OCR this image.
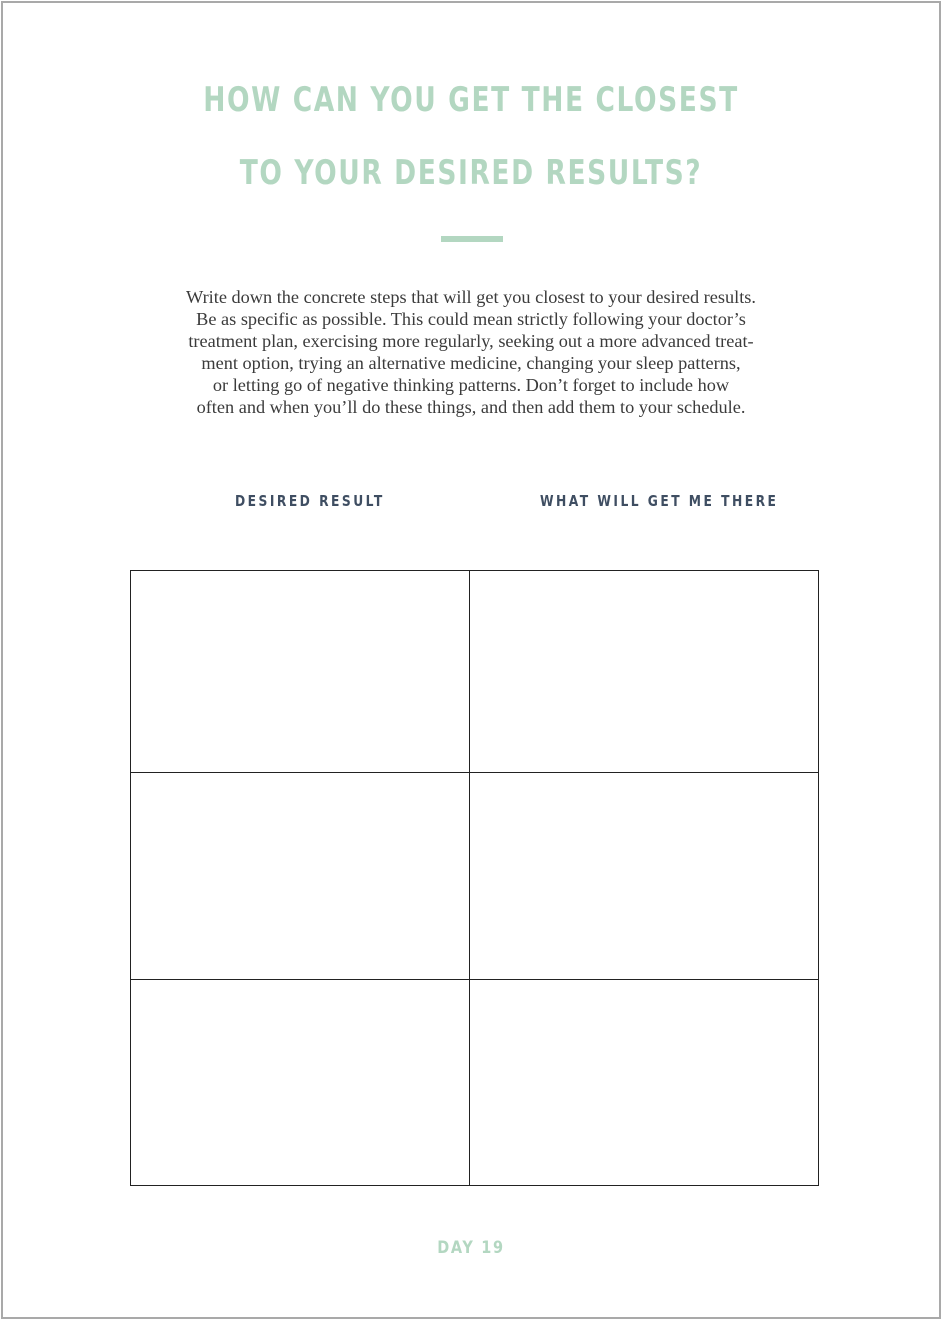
HOW CAN YOU GET THE CLOSEST
TO YOUR DESIRED RESULTS?
Write down the concrete steps that will get you closest to your desired results.
Be as specific as possible. This could mean strictly following your doctor’s
treatment plan, exercising more regularly, seeking out a more advanced treat-
ment option, trying an alternative medicine, changing your sleep patterns,
or letting go of negative thinking patterns. Don’t forget to include how
often and when you’ll do these things, and then add them to your schedule.
DESIRED RESULT	WHAT WILL GET ME THERE
DAY 19
